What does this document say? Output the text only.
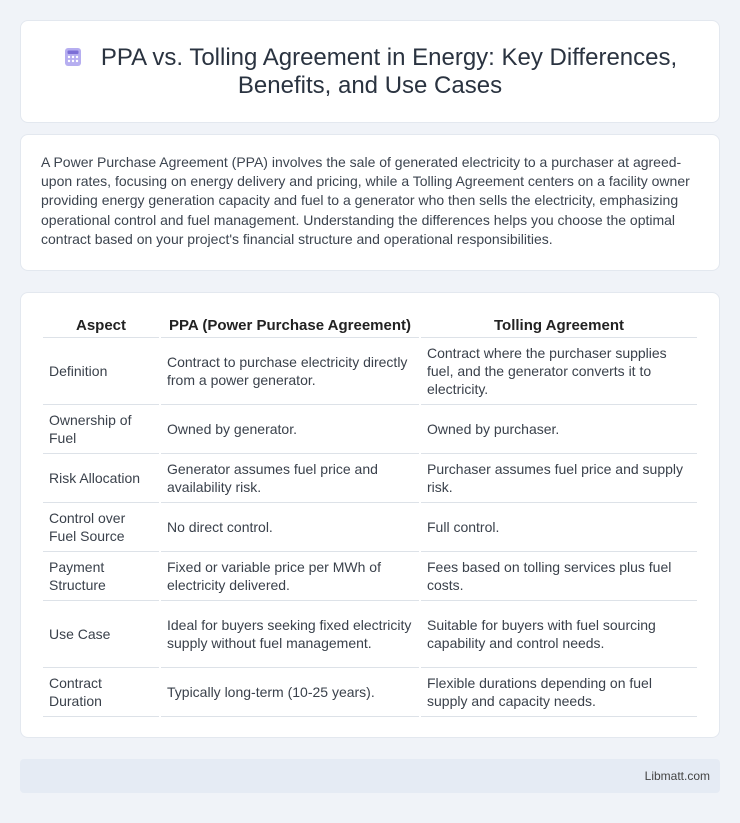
PPA vs. Tolling Agreement in Energy: Key Differences, Benefits, and Use Cases

A Power Purchase Agreement (PPA) involves the sale of generated electricity to a purchaser at agreed-upon rates, focusing on energy delivery and pricing, while a Tolling Agreement centers on a facility owner providing energy generation capacity and fuel to a generator who then sells the electricity, emphasizing operational control and fuel management. Understanding the differences helps you choose the optimal contract based on your project's financial structure and operational responsibilities.

Aspect	PPA (Power Purchase Agreement)	Tolling Agreement
Definition	Contract to purchase electricity directly from a power generator.	Contract where the purchaser supplies fuel, and the generator converts it to electricity.
Ownership of Fuel	Owned by generator.	Owned by purchaser.
Risk Allocation	Generator assumes fuel price and availability risk.	Purchaser assumes fuel price and supply risk.
Control over Fuel Source	No direct control.	Full control.
Payment Structure	Fixed or variable price per MWh of electricity delivered.	Fees based on tolling services plus fuel costs.
Use Case	Ideal for buyers seeking fixed electricity supply without fuel management.	Suitable for buyers with fuel sourcing capability and control needs.
Contract Duration	Typically long-term (10-25 years).	Flexible durations depending on fuel supply and capacity needs.
Libmatt.com
